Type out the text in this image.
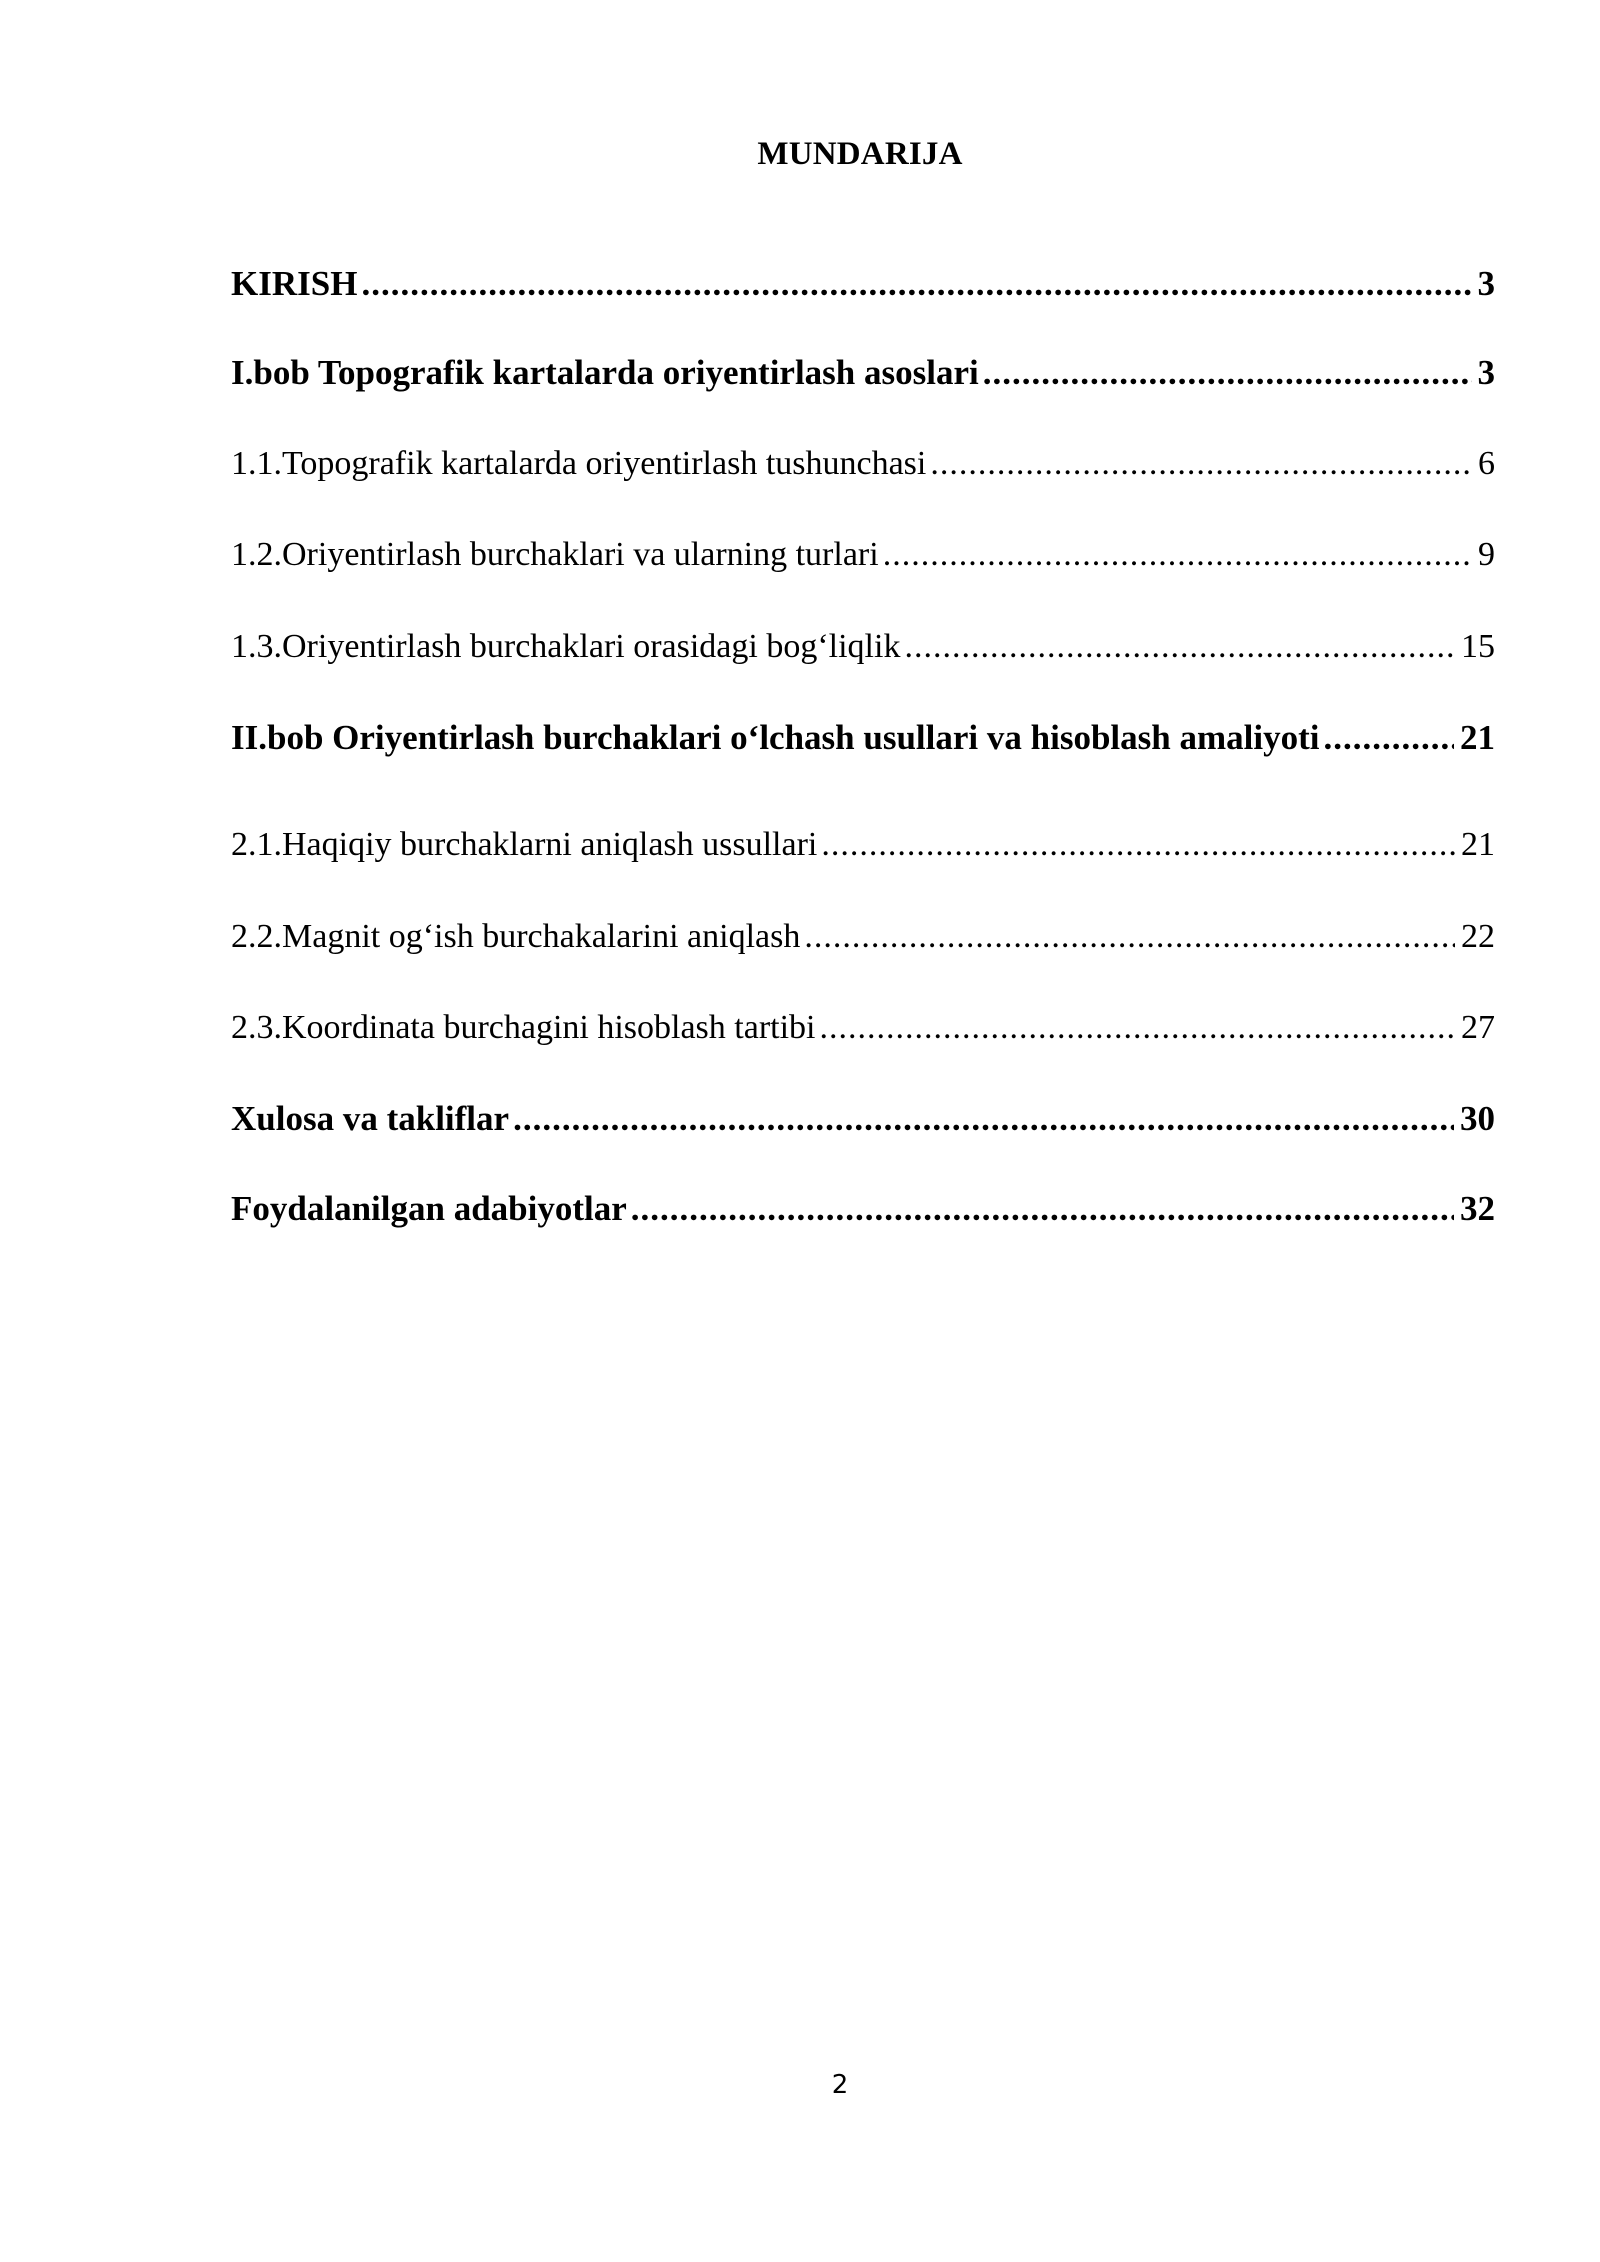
MUNDARIJA
KIRISH .....	3
I.bob Topografik kartalarda oriyentirlash asoslari .....	3
1.1.Topografik kartalarda oriyentirlash tushunchasi .....	6
1.2.Oriyentirlash burchaklari va ularning turlari .....	9
1.3.Oriyentirlash burchaklari orasidagi bog‘liqlik .....	15
II.bob Oriyentirlash burchaklari o‘lchash usullari va hisoblash amaliyoti .....	21
2.1.Haqiqiy burchaklarni aniqlash ussullari .....	21
2.2.Magnit og‘ish burchakalarini aniqlash .....	22
2.3.Koordinata burchagini hisoblash tartibi .....	27
Xulosa va takliflar .....	30
Foydalanilgan adabiyotlar .....	32
2
